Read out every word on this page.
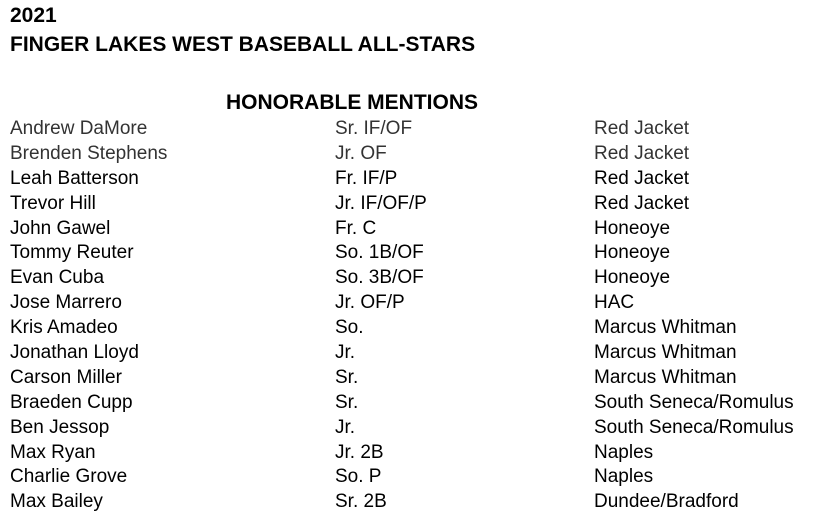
2021
FINGER LAKES WEST BASEBALL ALL-STARS
HONORABLE MENTIONS
Andrew DaMore	Sr. IF/OF	Red Jacket
Brenden Stephens	Jr. OF	Red Jacket
Leah Batterson	Fr. IF/P	Red Jacket
Trevor Hill	Jr. IF/OF/P	Red Jacket
John Gawel	Fr. C	Honeoye
Tommy Reuter	So. 1B/OF	Honeoye
Evan Cuba	So. 3B/OF	Honeoye
Jose Marrero	Jr. OF/P	HAC
Kris Amadeo	So.	Marcus Whitman
Jonathan Lloyd	Jr.	Marcus Whitman
Carson Miller	Sr.	Marcus Whitman
Braeden Cupp	Sr.	South Seneca/Romulus
Ben Jessop	Jr.	South Seneca/Romulus
Max Ryan	Jr. 2B	Naples
Charlie Grove	So. P	Naples
Max Bailey	Sr. 2B	Dundee/Bradford
